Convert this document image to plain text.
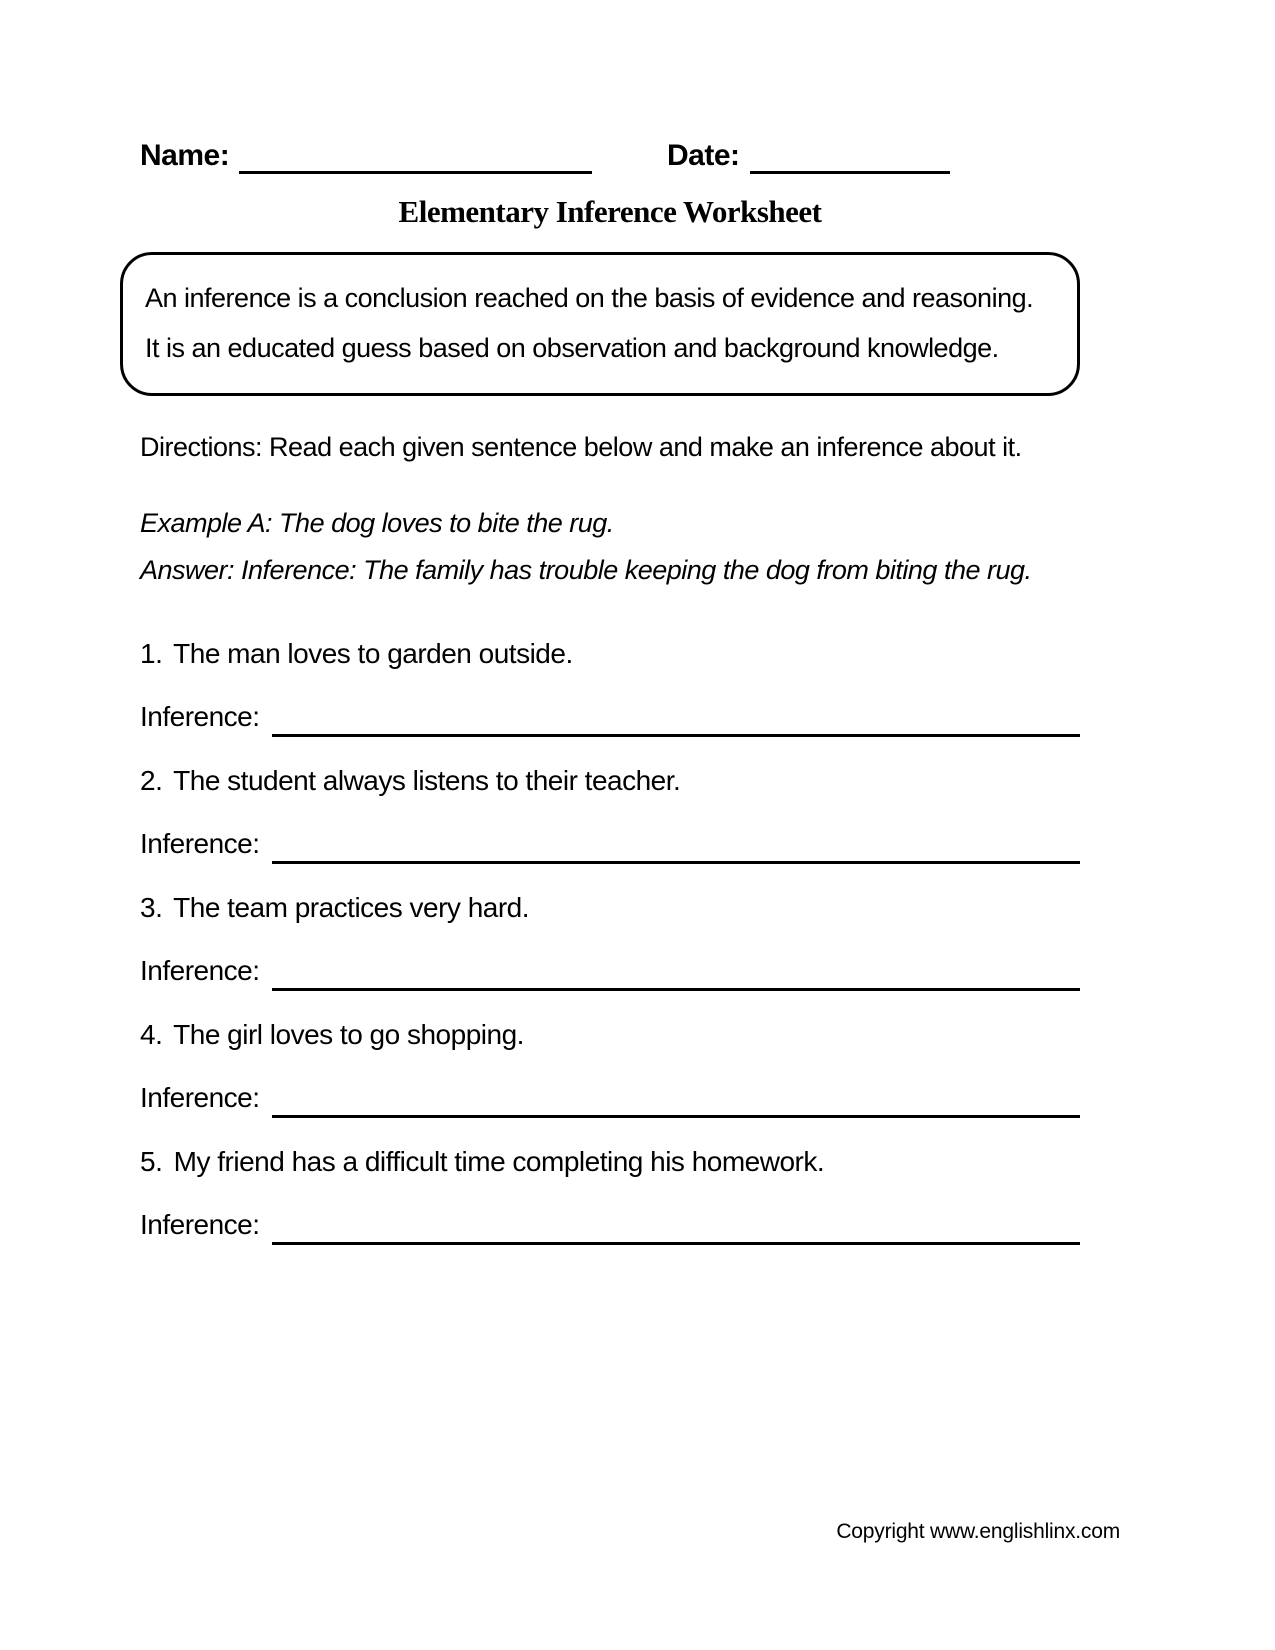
Name:	Date:
Elementary Inference Worksheet

An inference is a conclusion reached on the basis of evidence and reasoning. It is an educated guess based on observation and background knowledge.

Directions: Read each given sentence below and make an inference about it.

Example A: The dog loves to bite the rug.

Answer: Inference: The family has trouble keeping the dog from biting the rug.

1. The man loves to garden outside.

Inference:

2. The student always listens to their teacher.

Inference:

3. The team practices very hard.

Inference:

4. The girl loves to go shopping.

Inference:

5. My friend has a difficult time completing his homework.

Inference:
Copyright www.englishlinx.com
